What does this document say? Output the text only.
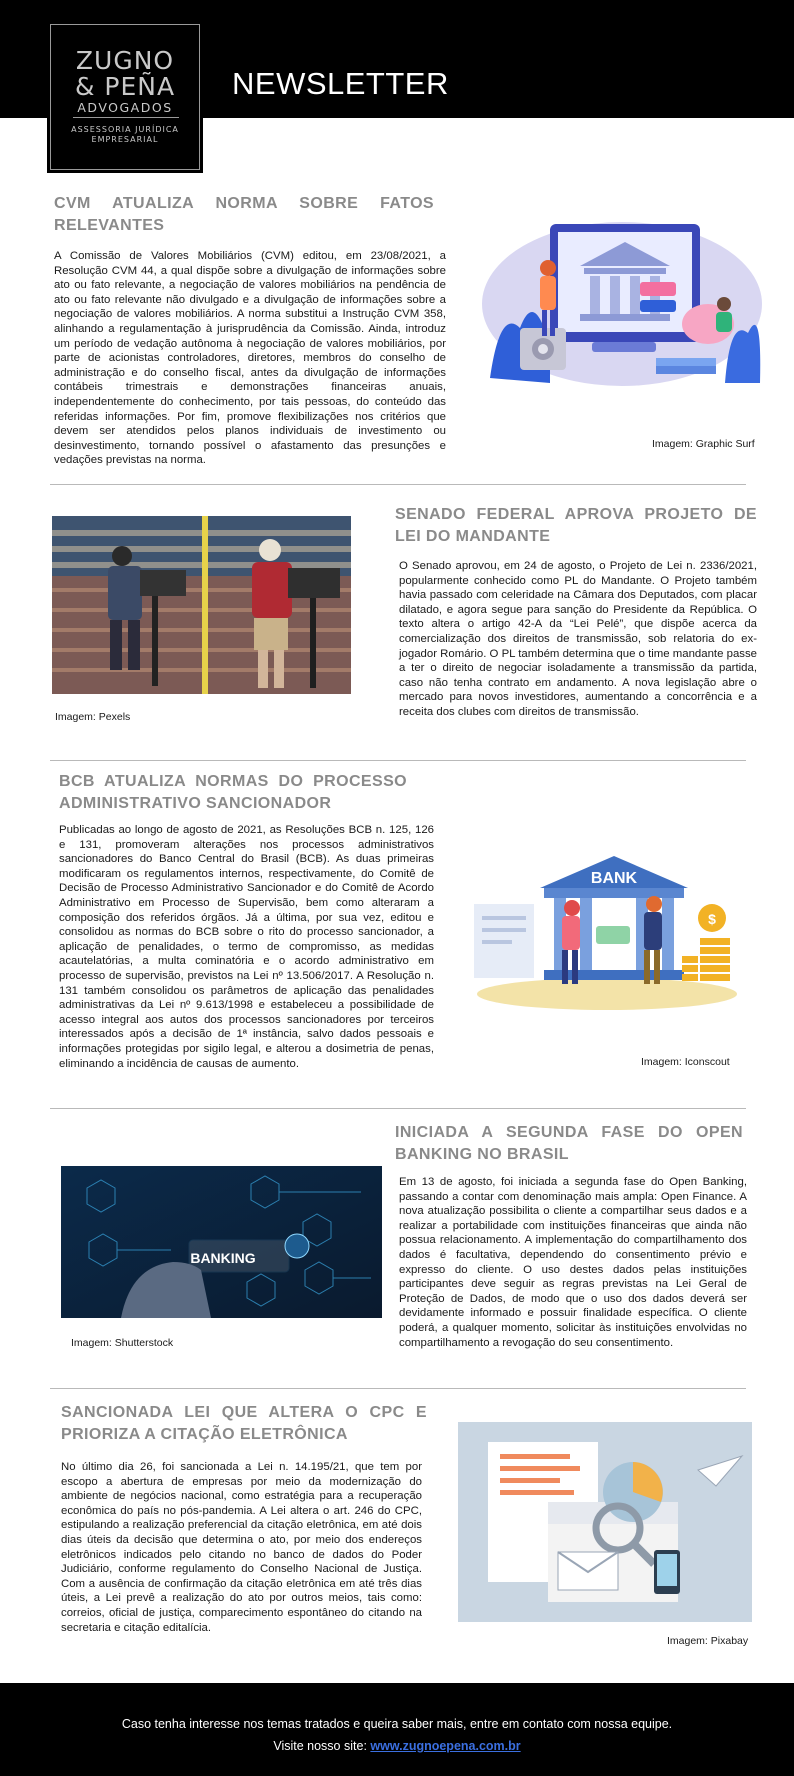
ZUGNO
& PEÑA
ADVOGADOS
ASSESSORIA JURÍDICA
EMPRESARIAL
NEWSLETTER
CVM ATUALIZA NORMA SOBRE FATOS RELEVANTES
A Comissão de Valores Mobiliários (CVM) editou, em 23/08/2021, a Resolução CVM 44, a qual dispõe sobre a divulgação de informações sobre ato ou fato relevante, a negociação de valores mobiliários na pendência de ato ou fato relevante não divulgado e a divulgação de informações sobre a negociação de valores mobiliários. A norma substitui a Instrução CVM 358, alinhando a regulamentação à jurisprudência da Comissão. Ainda, introduz um período de vedação autônoma à negociação de valores mobiliários, por parte de acionistas controladores, diretores, membros do conselho de administração e do conselho fiscal, antes da divulgação de informações contábeis trimestrais e demonstrações financeiras anuais, independentemente do conhecimento, por tais pessoas, do conteúdo das referidas informações. Por fim, promove flexibilizações nos critérios que devem ser atendidos pelos planos individuais de investimento ou desinvestimento, tornando possível o afastamento das presunções e vedações previstas na norma.
Imagem: Graphic Surf
Imagem: Pexels
SENADO FEDERAL APROVA PROJETO DE LEI DO MANDANTE
O Senado aprovou, em 24 de agosto, o Projeto de Lei n. 2336/2021, popularmente conhecido como PL do Mandante. O Projeto também havia passado com celeridade na Câmara dos Deputados, com placar dilatado, e agora segue para sanção do Presidente da República. O texto altera o artigo 42-A da “Lei Pelé”, que dispõe acerca da comercialização dos direitos de transmissão, sob relatoria do ex-jogador Romário. O PL também determina que o time mandante passe a ter o direito de negociar isoladamente a transmissão da partida, caso não tenha contrato em andamento. A nova legislação abre o mercado para novos investidores, aumentando a concorrência e a receita dos clubes com direitos de transmissão.
BCB ATUALIZA NORMAS DO PROCESSO ADMINISTRATIVO SANCIONADOR
Publicadas ao longo de agosto de 2021, as Resoluções BCB n. 125, 126 e 131, promoveram alterações nos processos administrativos sancionadores do Banco Central do Brasil (BCB). As duas primeiras modificaram os regulamentos internos, respectivamente, do Comitê de Decisão de Processo Administrativo Sancionador e do Comitê de Acordo Administrativo em Processo de Supervisão, bem como alteraram a composição dos referidos órgãos. Já a última, por sua vez, editou e consolidou as normas do BCB sobre o rito do processo sancionador, a aplicação de penalidades, o termo de compromisso, as medidas acautelatórias, a multa cominatória e o acordo administrativo em processo de supervisão, previstos na Lei nº 13.506/2017. A Resolução n. 131 também consolidou os parâmetros de aplicação das penalidades administrativas da Lei nº 9.613/1998 e estabeleceu a possibilidade de acesso integral aos autos dos processos sancionadores por terceiros interessados após a decisão de 1ª instância, salvo dados pessoais e informações protegidas por sigilo legal, e alterou a dosimetria de penas, eliminando a incidência de causas de aumento.
BANK
$
Imagem: Iconscout
BANKING
Imagem: Shutterstock
INICIADA A SEGUNDA FASE DO OPEN BANKING NO BRASIL
Em 13 de agosto, foi iniciada a segunda fase do Open Banking, passando a contar com denominação mais ampla: Open Finance. A nova atualização possibilita o cliente a compartilhar seus dados e a realizar a portabilidade com instituições financeiras que ainda não possua relacionamento. A implementação do compartilhamento dos dados é facultativa, dependendo do consentimento prévio e expresso do cliente. O uso destes dados pelas instituições participantes deve seguir as regras previstas na Lei Geral de Proteção de Dados, de modo que o uso dos dados deverá ser devidamente informado e possuir finalidade específica. O cliente poderá, a qualquer momento, solicitar às instituições envolvidas no compartilhamento a revogação do seu consentimento.
SANCIONADA LEI QUE ALTERA O CPC E PRIORIZA A CITAÇÃO ELETRÔNICA
No último dia 26, foi sancionada a Lei n. 14.195/21, que tem por escopo a abertura de empresas por meio da modernização do ambiente de negócios nacional, como estratégia para a recuperação econômica do país no pós-pandemia. A Lei altera o art. 246 do CPC, estipulando a realização preferencial da citação eletrônica, em até dois dias úteis da decisão que determina o ato, por meio dos endereços eletrônicos indicados pelo citando no banco de dados do Poder Judiciário, conforme regulamento do Conselho Nacional de Justiça. Com a ausência de confirmação da citação eletrônica em até três dias úteis, a Lei prevê a realização do ato por outros meios, tais como: correios, oficial de justiça, comparecimento espontâneo do citando na secretaria e citação editalícia.
Imagem: Pixabay
Caso tenha interesse nos temas tratados e queira saber mais, entre em contato com nossa equipe.
Visite nosso site: www.zugnoepena.com.br
